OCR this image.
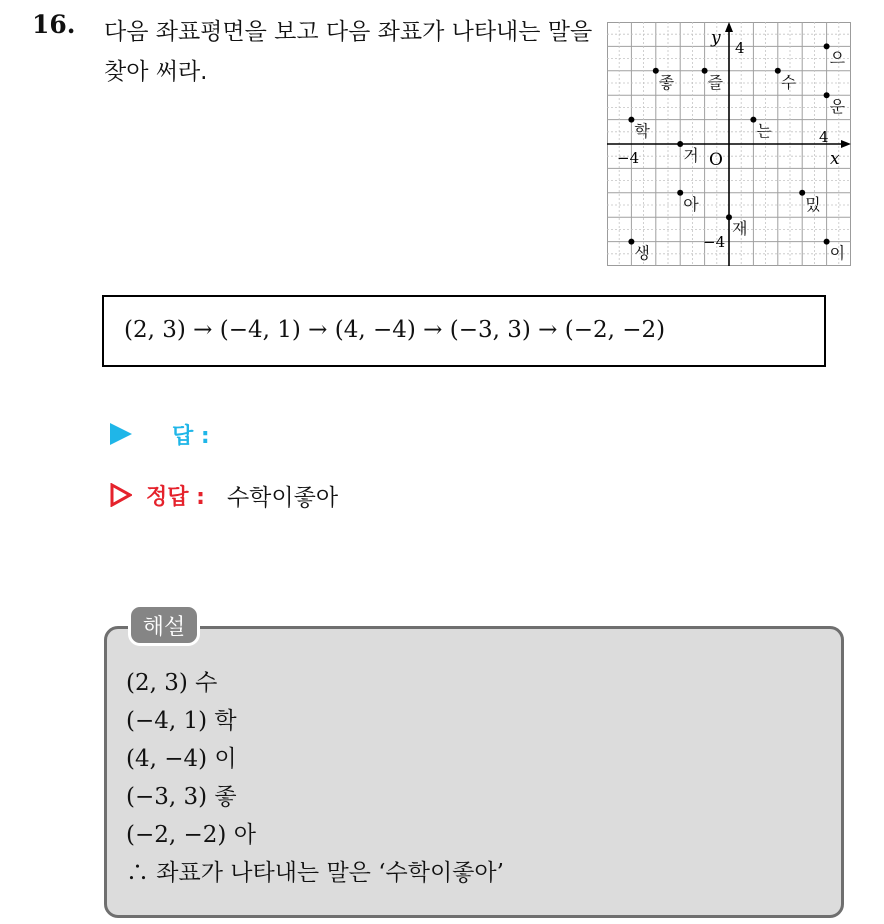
16. 다음 좌표평면을 보고 다음 좌표가 나타내는 말을 찾아 써라.
y
x
O
4
−4
4
−4
으
운
수
는
좋 즐
학
거
아
재
밌
생	이
(2, 3) → (−4, 1) → (4, −4) → (−3, 3) → (−2, −2)
답 :
정답 : 수학이좋아
해설
(2, 3) 수
(−4, 1) 학
(4, −4) 이
(−3, 3) 좋
(−2, −2) 아
∴ 좌표가 나타내는 말은 ‘수학이좋아’
